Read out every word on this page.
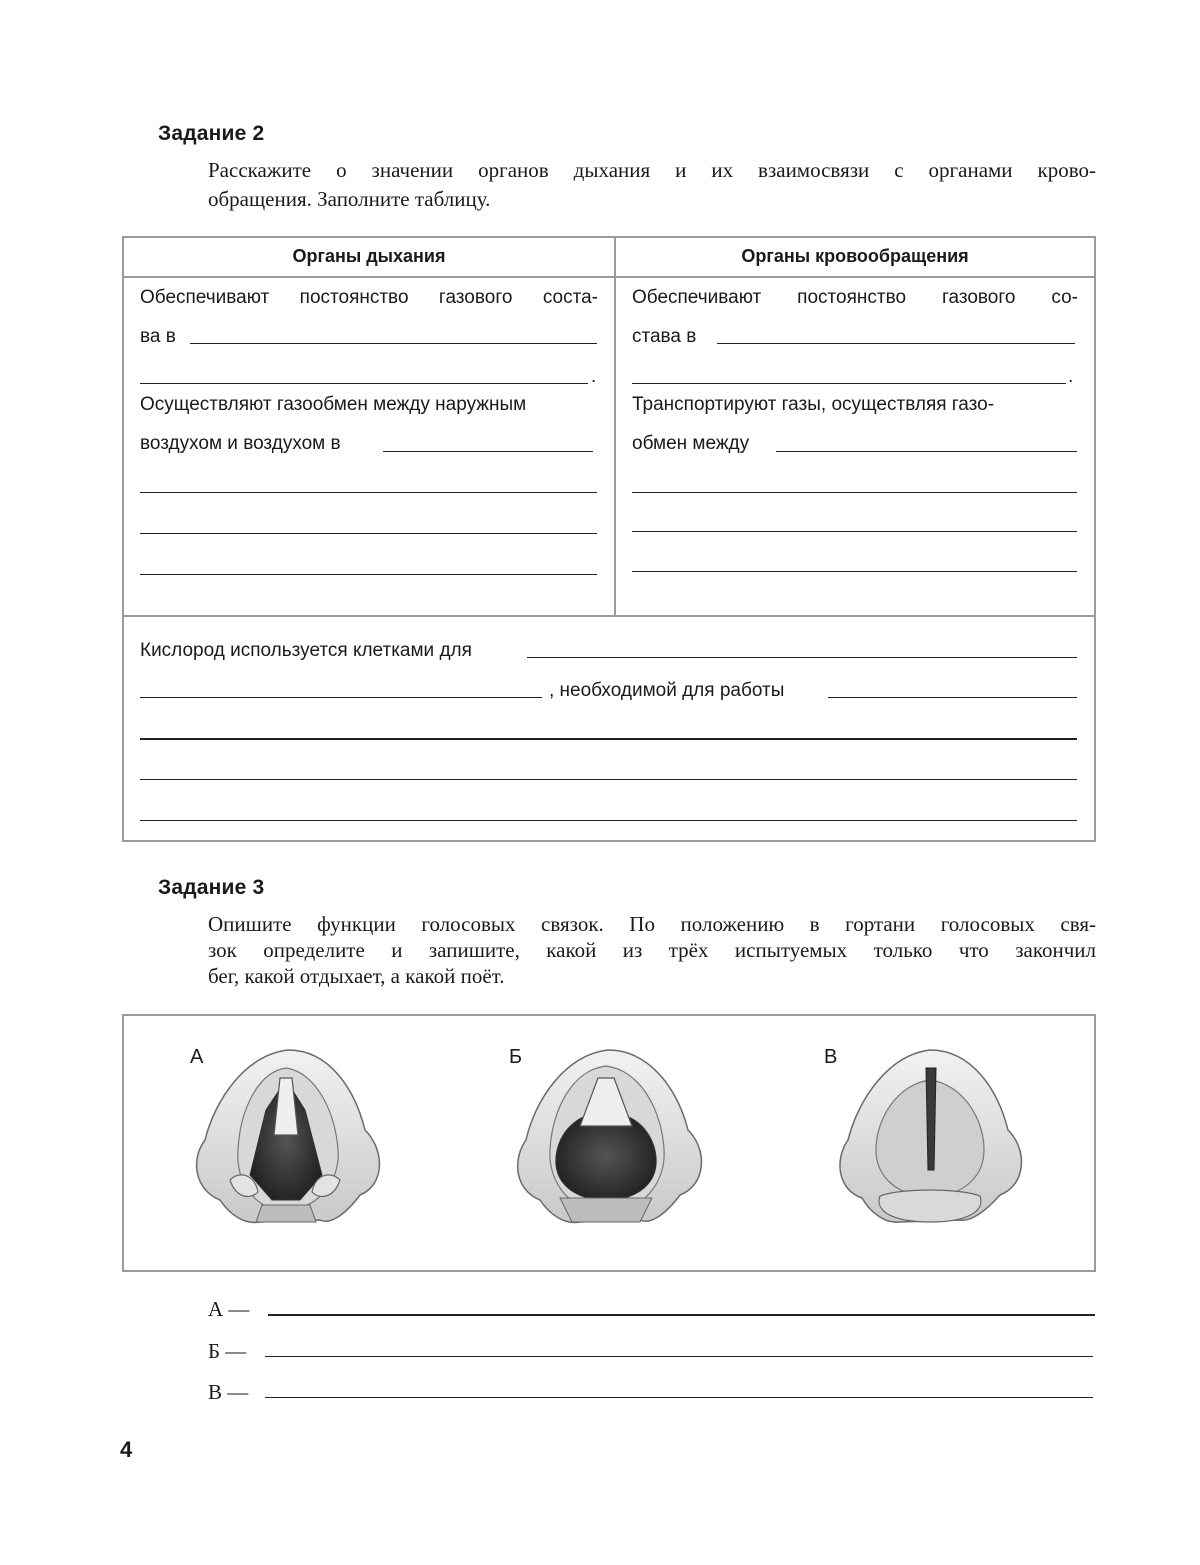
Задание 2
Расскажите о значении органов дыхания и их взаимосвязи с органами крово-
обращения. Заполните таблицу.
Органы дыхания	Органы кровообращения
Обеспечивают постоянство газового соста-
ва в
.
Осуществляют газообмен между наружным
воздухом и воздухом в
Обеспечивают постоянство газового со-
става в
.
Транспортируют газы, осуществляя газо-
обмен между
Кислород используется клетками для
, необходимой для работы
Задание 3
Опишите функции голосовых связок. По положению в гортани голосовых свя-
зок определите и запишите, какой из трёх испытуемых только что закончил
бег, какой отдыхает, а какой поёт.
А	Б	В
А —
Б —
В —
4
